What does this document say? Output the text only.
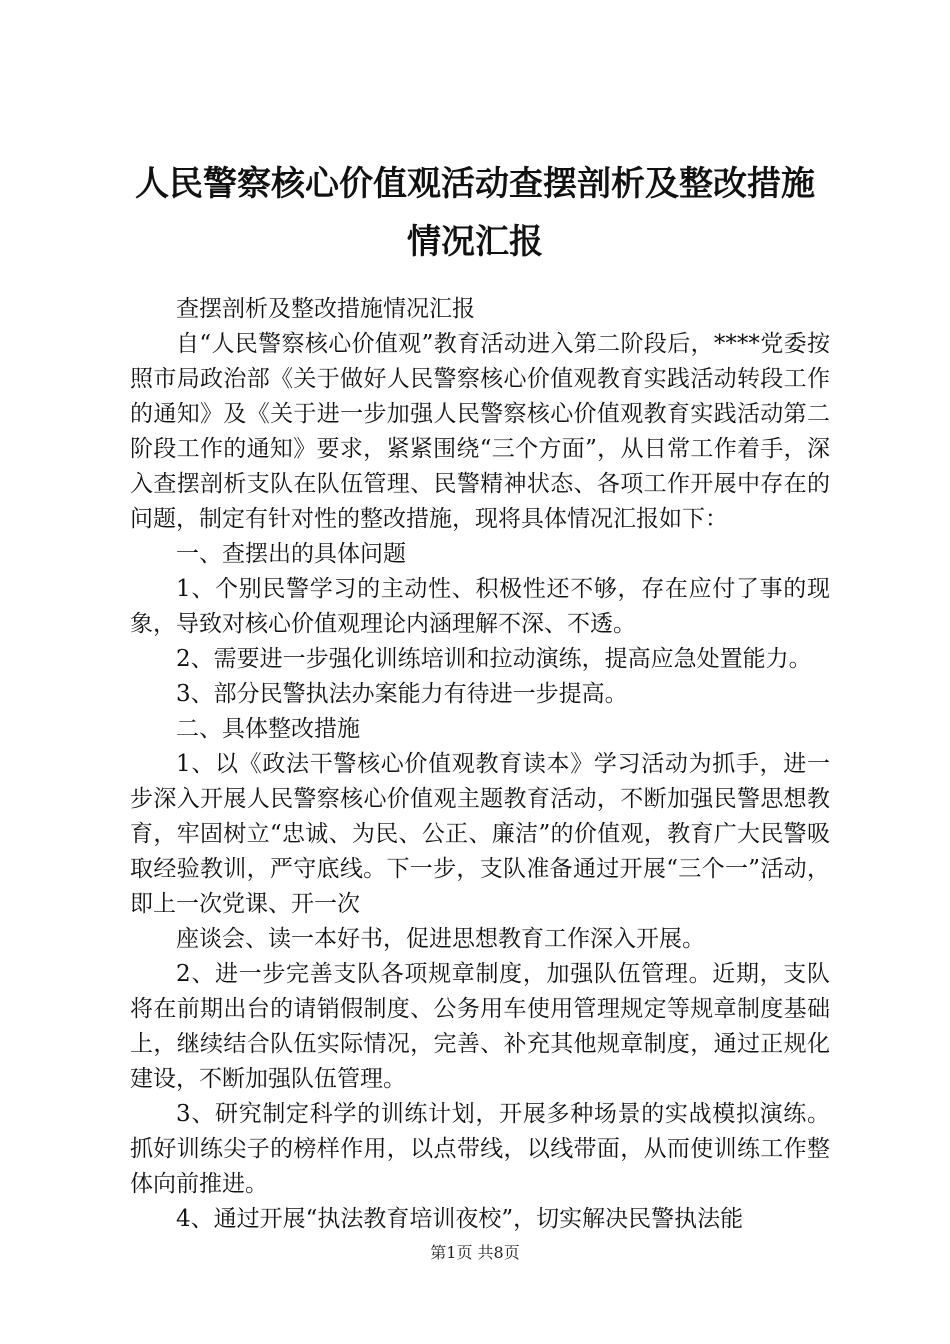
人民警察核心价值观活动查摆剖析及整改措施
情况汇报

查摆剖析及整改措施情况汇报

自“人民警察核心价值观”教育活动进入第二阶段后，****党委按照市局政治部《关于做好人民警察核心价值观教育实践活动转段工作的通知》及《关于进一步加强人民警察核心价值观教育实践活动第二阶段工作的通知》要求，紧紧围绕“三个方面”，从日常工作着手，深入查摆剖析支队在队伍管理、民警精神状态、各项工作开展中存在的问题，制定有针对性的整改措施，现将具体情况汇报如下：

一、查摆出的具体问题

1、个别民警学习的主动性、积极性还不够，存在应付了事的现象，导致对核心价值观理论内涵理解不深、不透。

2、需要进一步强化训练培训和拉动演练，提高应急处置能力。

3、部分民警执法办案能力有待进一步提高。

二、具体整改措施

1、以《政法干警核心价值观教育读本》学习活动为抓手，进一步深入开展人民警察核心价值观主题教育活动，不断加强民警思想教育，牢固树立“忠诚、为民、公正、廉洁”的价值观，教育广大民警吸取经验教训，严守底线。下一步，支队准备通过开展“三个一”活动，即上一次党课、开一次

座谈会、读一本好书，促进思想教育工作深入开展。

2、进一步完善支队各项规章制度，加强队伍管理。近期，支队将在前期出台的请销假制度、公务用车使用管理规定等规章制度基础上，继续结合队伍实际情况，完善、补充其他规章制度，通过正规化建设，不断加强队伍管理。

3、研究制定科学的训练计划，开展多种场景的实战模拟演练。抓好训练尖子的榜样作用，以点带线，以线带面，从而使训练工作整体向前推进。

4、通过开展“执法教育培训夜校”，切实解决民警执法能

第1页 共8页
